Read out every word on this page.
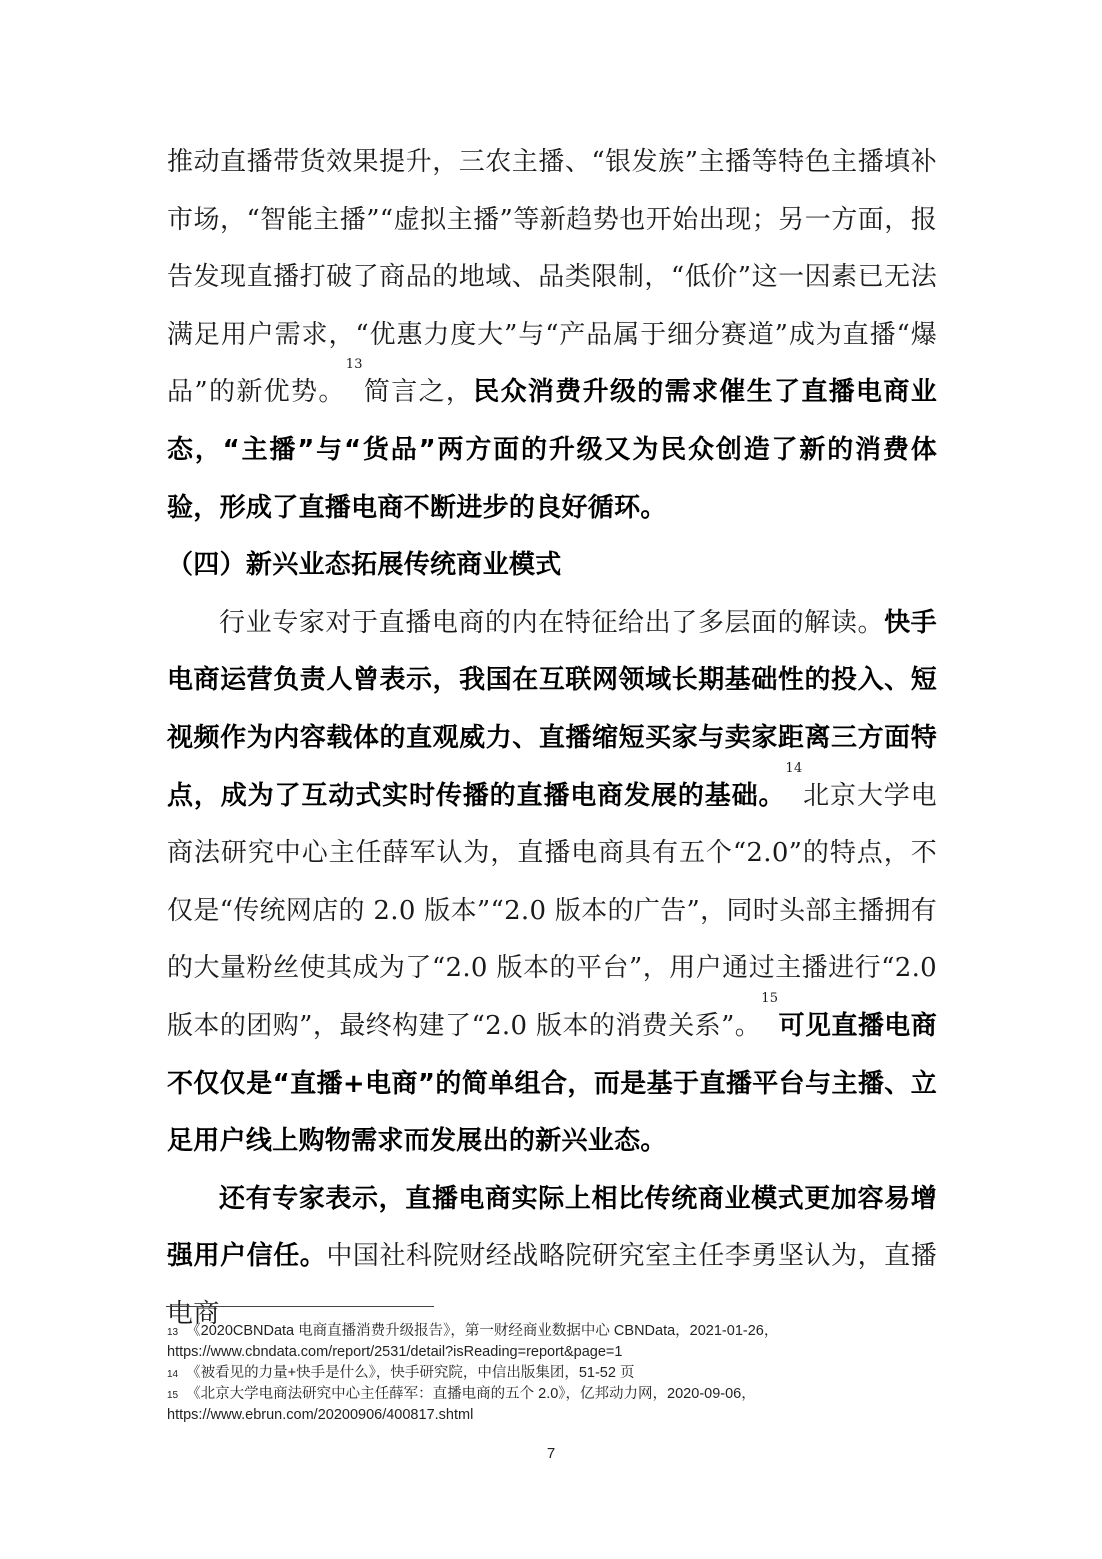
推动直播带货效果提升，三农主播、“银发族”主播等特色主播填补市场，“智能主播”“虚拟主播”等新趋势也开始出现；另一方面，报告发现直播打破了商品的地域、品类限制，“低价”这一因素已无法满足用户需求，“优惠力度大”与“产品属于细分赛道”成为直播“爆品”的新优势。$^{13}$简言之，民众消费升级的需求催生了直播电商业态，“主播”与“货品”两方面的升级又为民众创造了新的消费体验，形成了直播电商不断进步的良好循环。

（四）新兴业态拓展传统商业模式

行业专家对于直播电商的内在特征给出了多层面的解读。快手电商运营负责人曾表示，我国在互联网领域长期基础性的投入、短视频作为内容载体的直观威力、直播缩短买家与卖家距离三方面特点，成为了互动式实时传播的直播电商发展的基础。$^{14}$北京大学电商法研究中心主任薛军认为，直播电商具有五个“2.0”的特点，不仅是“传统网店的 2.0 版本”“2.0 版本的广告”，同时头部主播拥有的大量粉丝使其成为了“2.0 版本的平台”，用户通过主播进行“2.0 版本的团购”，最终构建了“2.0 版本的消费关系”。$^{15}$可见直播电商不仅仅是“直播+电商”的简单组合，而是基于直播平台与主播、立足用户线上购物需求而发展出的新兴业态。

还有专家表示，直播电商实际上相比传统商业模式更加容易增强用户信任。中国社科院财经战略院研究室主任李勇坚认为，直播电商

$^{13}$ 《2020CBNData 电商直播消费升级报告》，第一财经商业数据中心 CBNData，2021-01-26，https://www.cbndata.com/report/2531/detail?isReading=report&page=1

$^{14}$ 《被看见的力量+快手是什么》，快手研究院，中信出版集团，51-52 页

$^{15}$ 《北京大学电商法研究中心主任薛军：直播电商的五个 2.0》，亿邦动力网，2020-09-06，https://www.ebrun.com/20200906/400817.shtml

7
